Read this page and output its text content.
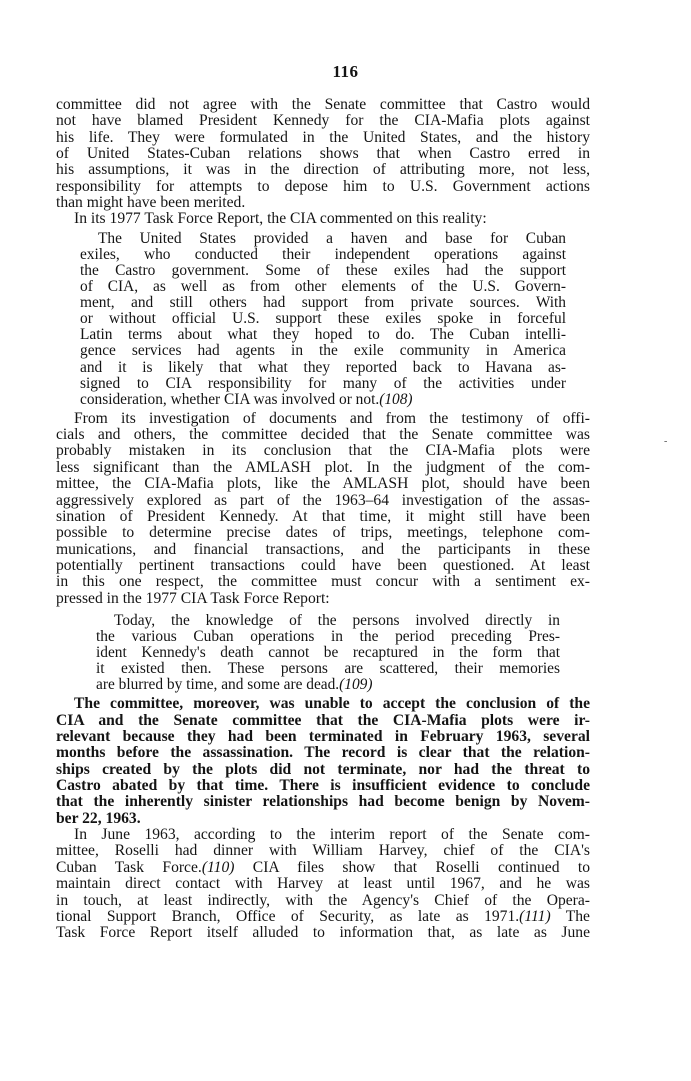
116
committee did not agree with the Senate committee that Castro would
not have blamed President Kennedy for the CIA-Mafia plots against
his life. They were formulated in the United States, and the history
of United States-Cuban relations shows that when Castro erred in
his assumptions, it was in the direction of attributing more, not less,
responsibility for attempts to depose him to U.S. Government actions
than might have been merited.
In its 1977 Task Force Report, the CIA commented on this reality:
The United States provided a haven and base for Cuban
exiles, who conducted their independent operations against
the Castro government. Some of these exiles had the support
of CIA, as well as from other elements of the U.S. Govern-
ment, and still others had support from private sources. With
or without official U.S. support these exiles spoke in forceful
Latin terms about what they hoped to do. The Cuban intelli-
gence services had agents in the exile community in America
and it is likely that what they reported back to Havana as-
signed to CIA responsibility for many of the activities under
consideration, whether CIA was involved or not.(108)
From its investigation of documents and from the testimony of offi-
cials and others, the committee decided that the Senate committee was
probably mistaken in its conclusion that the CIA-Mafia plots were
less significant than the AMLASH plot. In the judgment of the com-
mittee, the CIA-Mafia plots, like the AMLASH plot, should have been
aggressively explored as part of the 1963–64 investigation of the assas-
sination of President Kennedy. At that time, it might still have been
possible to determine precise dates of trips, meetings, telephone com-
munications, and financial transactions, and the participants in these
potentially pertinent transactions could have been questioned. At least
in this one respect, the committee must concur with a sentiment ex-
pressed in the 1977 CIA Task Force Report:
Today, the knowledge of the persons involved directly in
the various Cuban operations in the period preceding Pres-
ident Kennedy's death cannot be recaptured in the form that
it existed then. These persons are scattered, their memories
are blurred by time, and some are dead.(109)
The committee, moreover, was unable to accept the conclusion of the
CIA and the Senate committee that the CIA-Mafia plots were ir-
relevant because they had been terminated in February 1963, several
months before the assassination. The record is clear that the relation-
ships created by the plots did not terminate, nor had the threat to
Castro abated by that time. There is insufficient evidence to conclude
that the inherently sinister relationships had become benign by Novem-
ber 22, 1963.
In June 1963, according to the interim report of the Senate com-
mittee, Roselli had dinner with William Harvey, chief of the CIA's
Cuban Task Force.(110) CIA files show that Roselli continued to
maintain direct contact with Harvey at least until 1967, and he was
in touch, at least indirectly, with the Agency's Chief of the Opera-
tional Support Branch, Office of Security, as late as 1971.(111) The
Task Force Report itself alluded to information that, as late as June
-
